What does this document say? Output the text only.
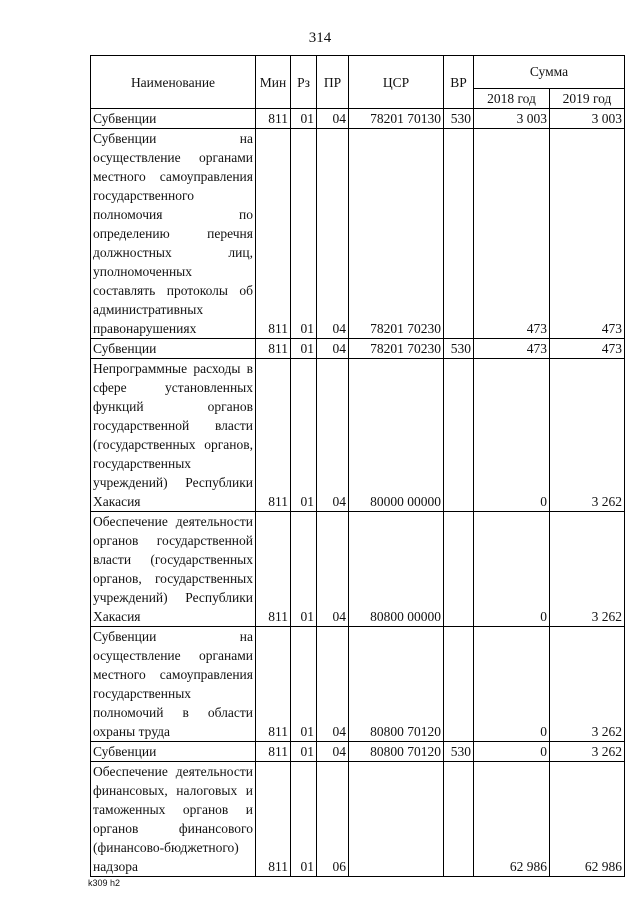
314
Наименование	Мин	Рз	ПР	ЦСР	ВР	Сумма	
						2018 год	2019 год
Субвенции	811	01	04	78201 70130	530	3 003	3 003
Субвенции на осуществление органами местного самоуправления государственного полномочия по определению перечня должностных лиц, уполномоченных составлять протоколы об административных правонарушениях	811	01	04	78201 70230		473	473
Субвенции	811	01	04	78201 70230	530	473	473
Непрограммные расходы в сфере установленных функций органов государственной власти (государственных органов, государственных учреждений) Республики Хакасия	811	01	04	80000 00000		0	3 262
Обеспечение деятельности органов государственной власти (государственных органов, государственных учреждений) Республики Хакасия	811	01	04	80800 00000		0	3 262
Субвенции на осуществление органами местного самоуправления государственных полномочий в области охраны труда	811	01	04	80800 70120		0	3 262
Субвенции	811	01	04	80800 70120	530	0	3 262
Обеспечение деятельности финансовых, налоговых и таможенных органов и органов финансового (финансово-бюджетного) надзора	811	01	06			62 986	62 986
k309 h2
